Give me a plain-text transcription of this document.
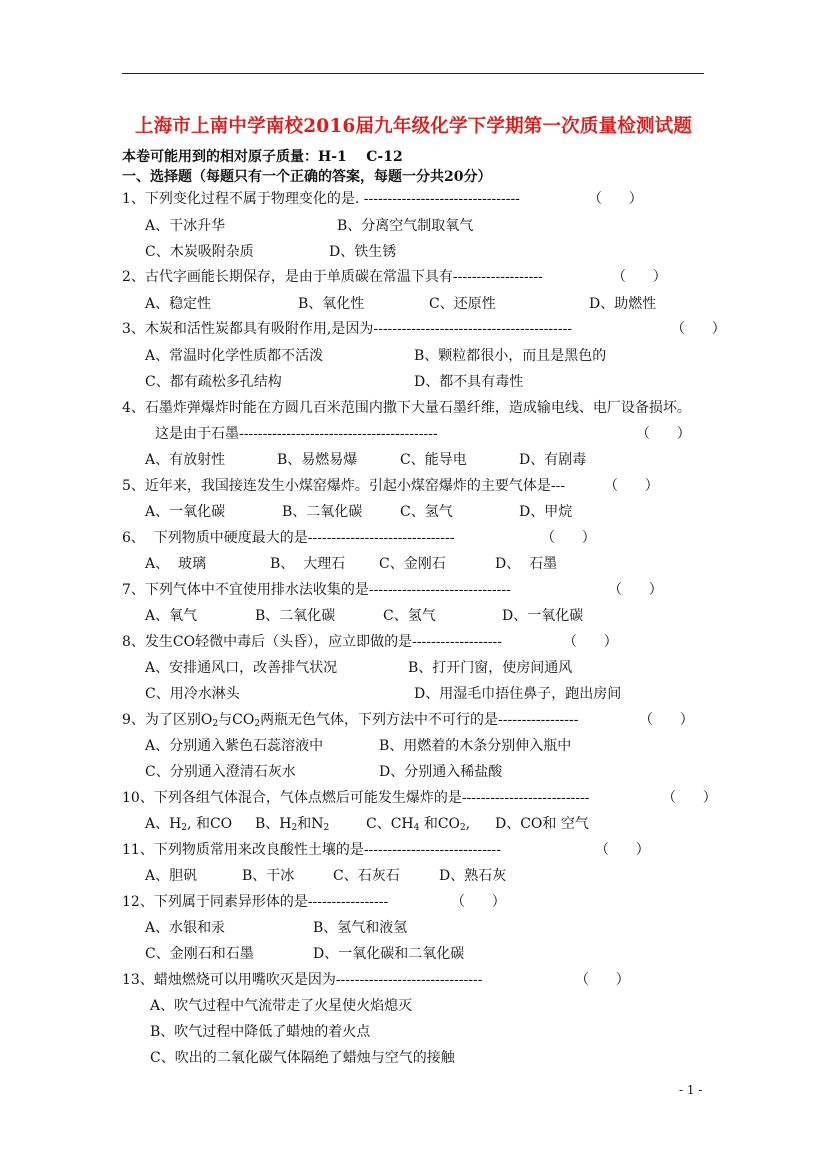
上海市上南中学南校2016届九年级化学下学期第一次质量检测试题
本卷可能用到的相对原子质量：H-1    C-12
一、选择题（每题只有一个正确的答案，每题一分共20分）
1、下列变化过程不属于物理变化的是. ---------------------------------	（      ）
A、干冰升华	B、分离空气制取氧气
C、木炭吸附杂质	D、铁生锈
2、古代字画能长期保存，是由于单质碳在常温下具有-------------------	（      ）
A、稳定性	B、氧化性	C、还原性	D、助燃性
3、木炭和活性炭都具有吸附作用,是因为------------------------------------------	（      ）
A、常温时化学性质都不活泼	B、颗粒都很小，而且是黑色的
C、都有疏松多孔结构	D、都不具有毒性
4、石墨炸弹爆炸时能在方圆几百米范围内撒下大量石墨纤维，造成输电线、电厂设备损坏。
这是由于石墨------------------------------------------	（      ）
A、有放射性	B、易燃易爆	C、能导电	D、有剧毒
5、近年来，我国接连发生小煤窑爆炸。引起小煤窑爆炸的主要气体是---	（      ）
A、一氧化碳	B、二氧化碳	C、氢气	D、甲烷
6、  下列物质中硬度最大的是-------------------------------	（      ）
A、  玻璃	B、  大理石 C、金刚石	D、  石墨
7、下列气体中不宜使用排水法收集的是------------------------------	（      ）
A、氧气	B、二氧化碳	C、氢气	D、一氧化碳
8、发生CO轻微中毒后（头昏），应立即做的是-------------------	（      ）
A、安排通风口，改善排气状况	B、打开门窗，使房间通风
C、用冷水淋头	D、用湿毛巾捂住鼻子，跑出房间
9、为了区别$O_2$与$CO_2$两瓶无色气体，下列方法中不可行的是-----------------	（      ）
A、分别通入紫色石蕊溶液中	B、用燃着的木条分别伸入瓶中
C、分别通入澄清石灰水	D、分别通入稀盐酸
10、下列各组气体混合，气体点燃后可能发生爆炸的是---------------------------	（      ）
A、$H_2$, 和CO B、$H_2$和$N_2$	C、$CH_4$ 和$CO_2$, D、CO和 空气
11、下列物质常用来改良酸性土壤的是-----------------------------	（      ）
A、胆矾	B、干冰	C、石灰石	D、熟石灰
12、下列属于同素异形体的是-----------------	（      ）
A、水银和汞	B、氢气和液氢
C、金刚石和石墨	D、一氧化碳和二氧化碳
13、蜡烛燃烧可以用嘴吹灭是因为-------------------------------	（      ）
A、吹气过程中气流带走了火星使火焰熄灭
B、吹气过程中降低了蜡烛的着火点
C、吹出的二氧化碳气体隔绝了蜡烛与空气的接触
- 1 -
